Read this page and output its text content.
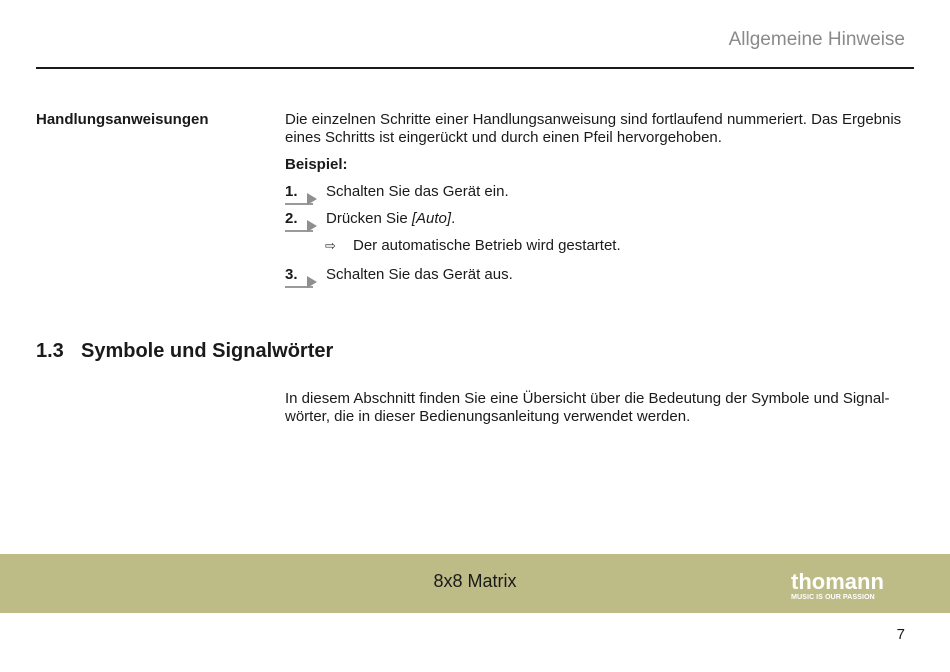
Allgemeine Hinweise
Handlungsanweisungen	Die einzelnen Schritte einer Handlungsanweisung sind fortlaufend nummeriert. Das Ergebnis
eines Schritts ist eingerückt und durch einen Pfeil hervorgehoben.
Beispiel:
1. Schalten Sie das Gerät ein.
2. Drücken Sie [Auto].
⇨ Der automatische Betrieb wird gestartet.
3. Schalten Sie das Gerät aus.
1.3 Symbole und Signalwörter
In diesem Abschnitt finden Sie eine Übersicht über die Bedeutung der Symbole und Signal-
wörter, die in dieser Bedienungsanleitung verwendet werden.
8x8 Matrix	thomann
MUSIC IS OUR PASSION
7
